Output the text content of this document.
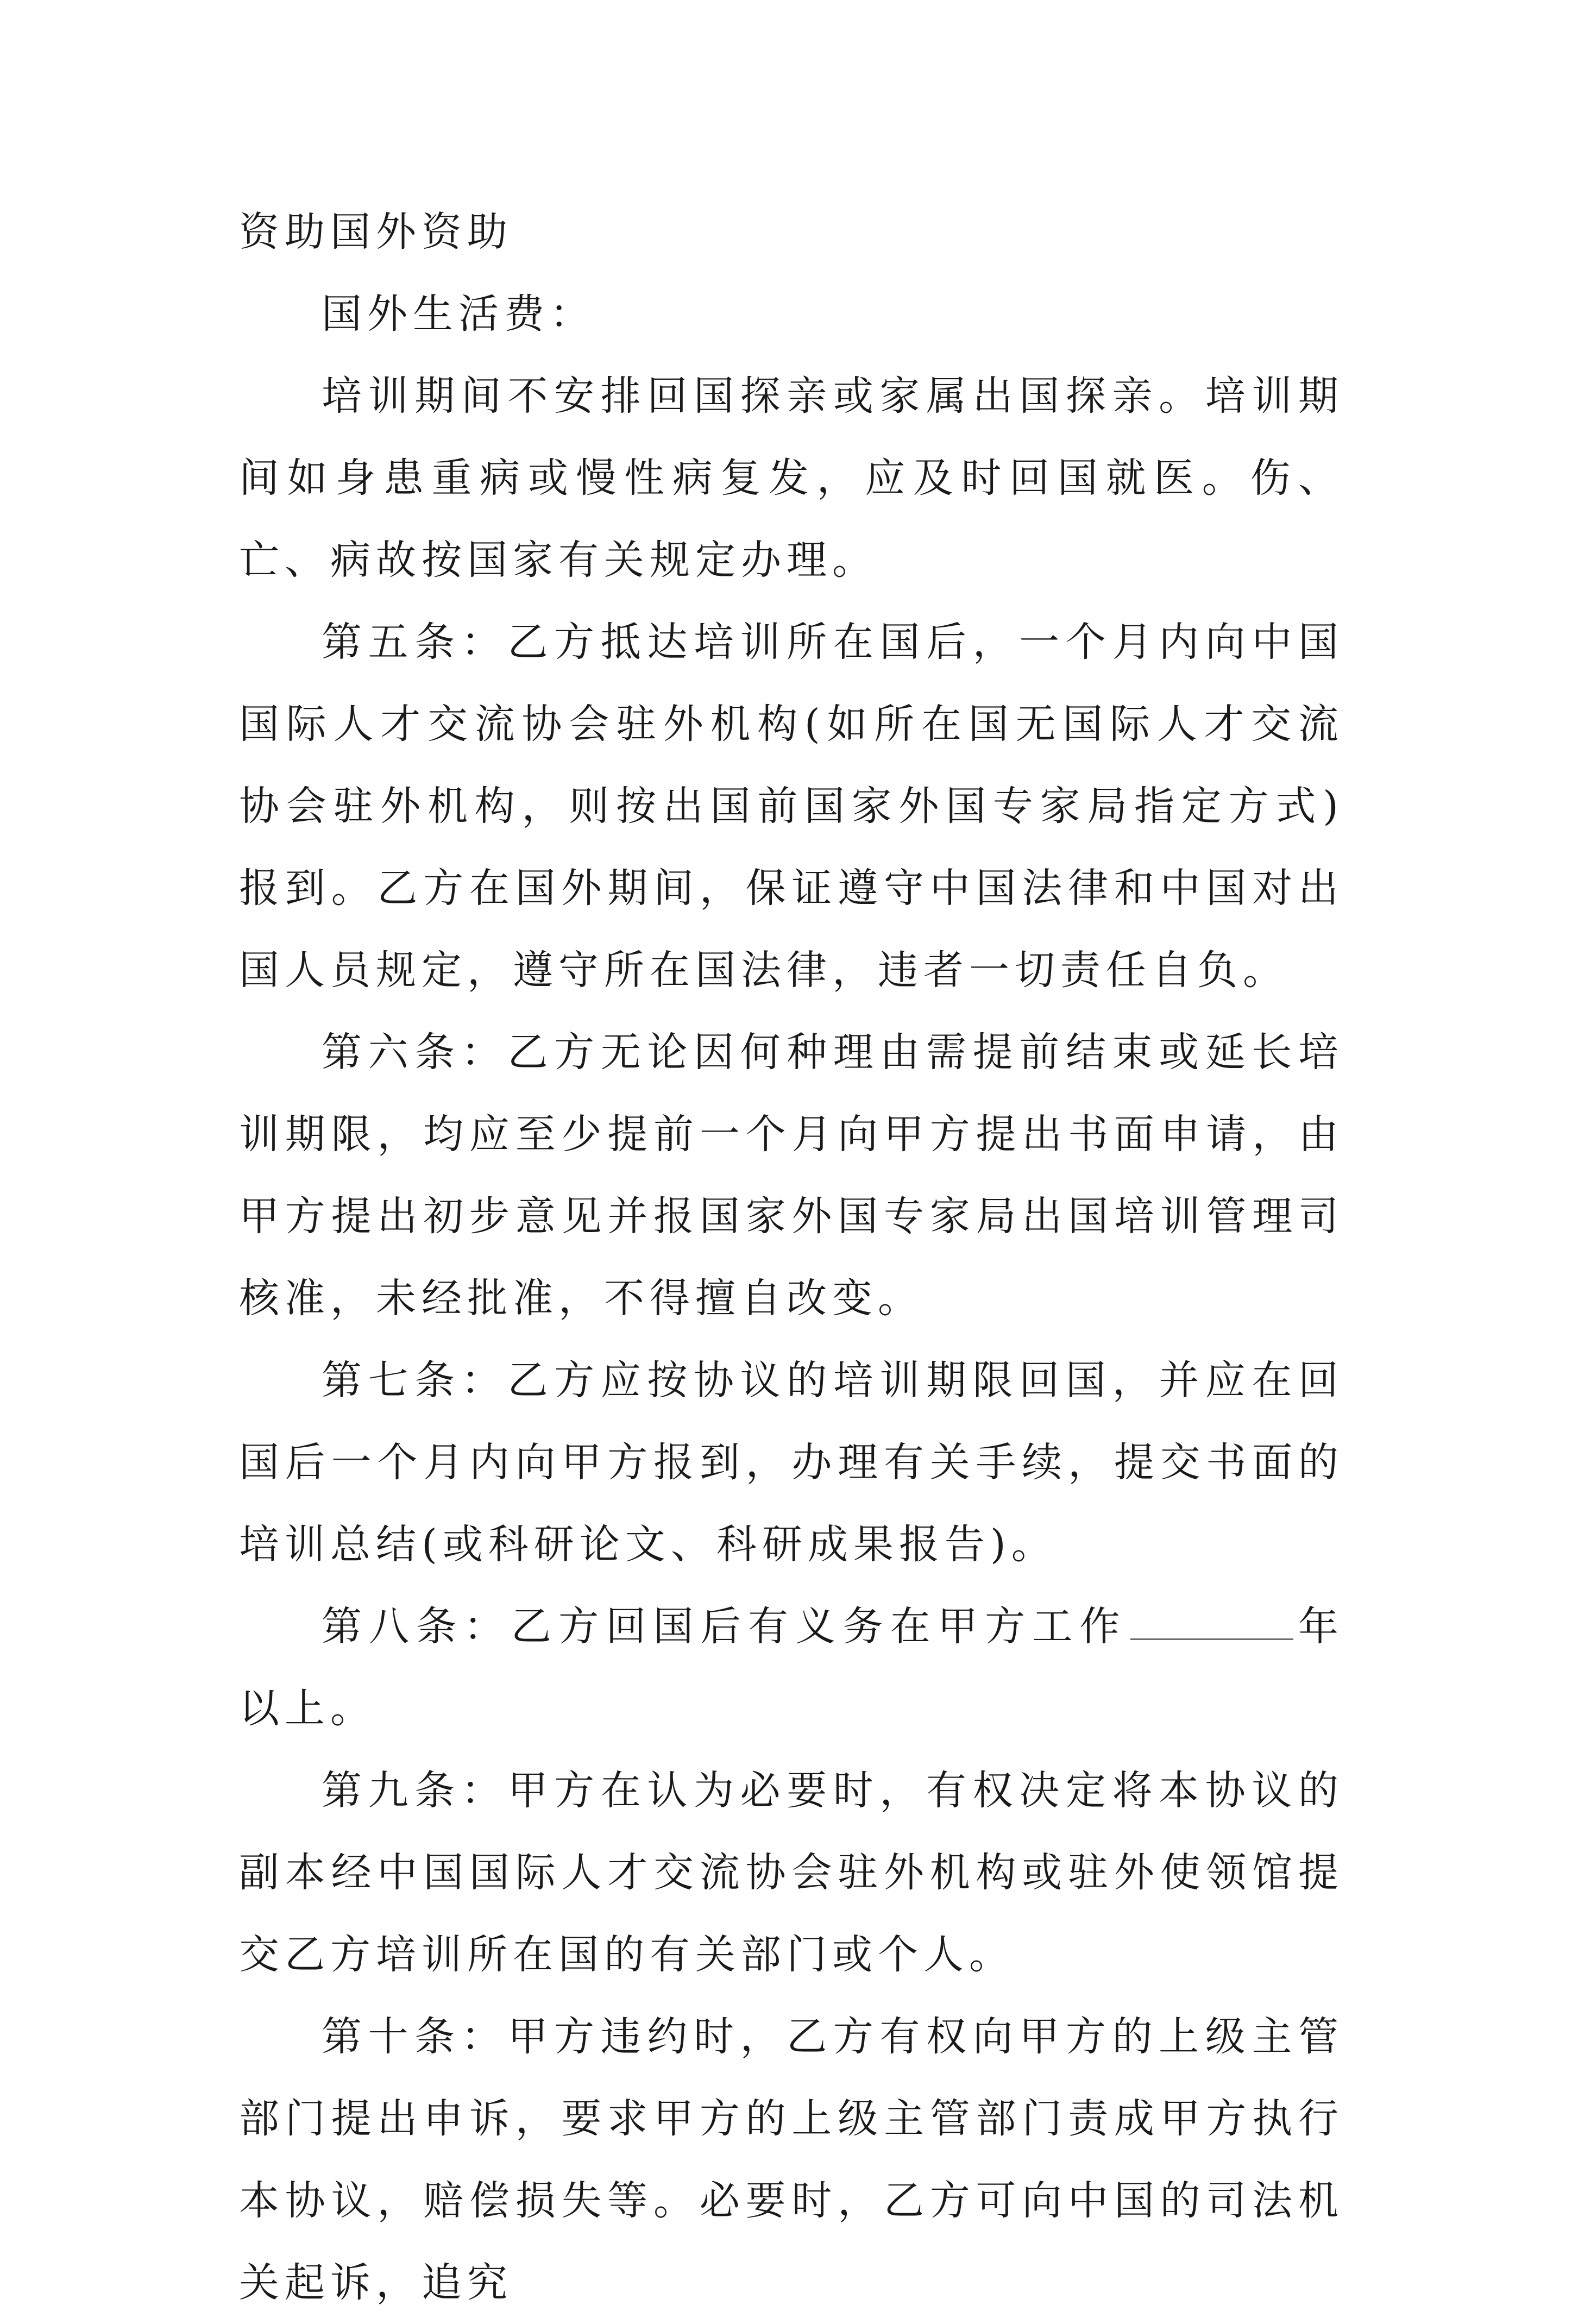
资助国外资助

国外生活费：

培训期间不安排回国探亲或家属出国探亲。培训期间如身患重病或慢性病复发，应及时回国就医。伤、亡、病故按国家有关规定办理。

第五条：乙方抵达培训所在国后，一个月内向中国国际人才交流协会驻外机构(如所在国无国际人才交流协会驻外机构，则按出国前国家外国专家局指定方式)报到。乙方在国外期间，保证遵守中国法律和中国对出国人员规定，遵守所在国法律，违者一切责任自负。

第六条：乙方无论因何种理由需提前结束或延长培训期限，均应至少提前一个月向甲方提出书面申请，由甲方提出初步意见并报国家外国专家局出国培训管理司核准，未经批准，不得擅自改变。

第七条：乙方应按协议的培训期限回国，并应在回国后一个月内向甲方报到，办理有关手续，提交书面的培训总结(或科研论文、科研成果报告)。

第八条：乙方回国后有义务在甲方工作	年以上。

第九条：甲方在认为必要时，有权决定将本协议的副本经中国国际人才交流协会驻外机构或驻外使领馆提交乙方培训所在国的有关部门或个人。

第十条：甲方违约时，乙方有权向甲方的上级主管部门提出申诉，要求甲方的上级主管部门责成甲方执行本协议，赔偿损失等。必要时，乙方可向中国的司法机关起诉，追究
